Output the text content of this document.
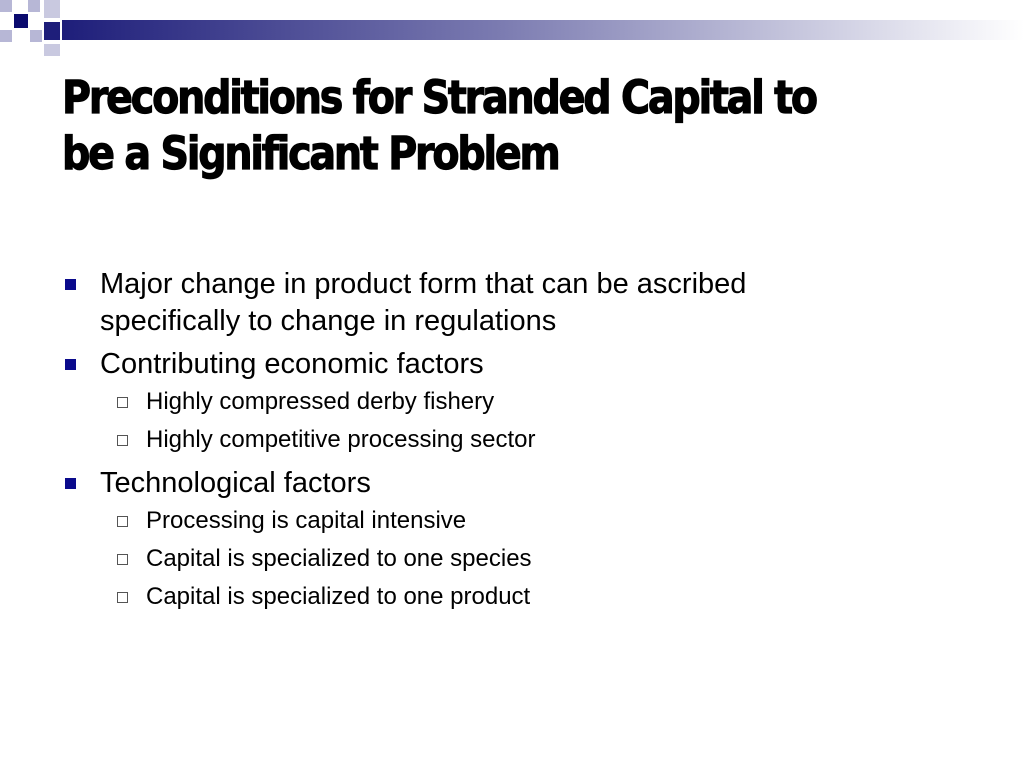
Preconditions for Stranded Capital to
be a Significant Problem
Major change in product form that can be ascribed
specifically to change in regulations
Contributing economic factors
Highly compressed derby fishery
Highly competitive processing sector
Technological factors
Processing is capital intensive
Capital is specialized to one species
Capital is specialized to one product
